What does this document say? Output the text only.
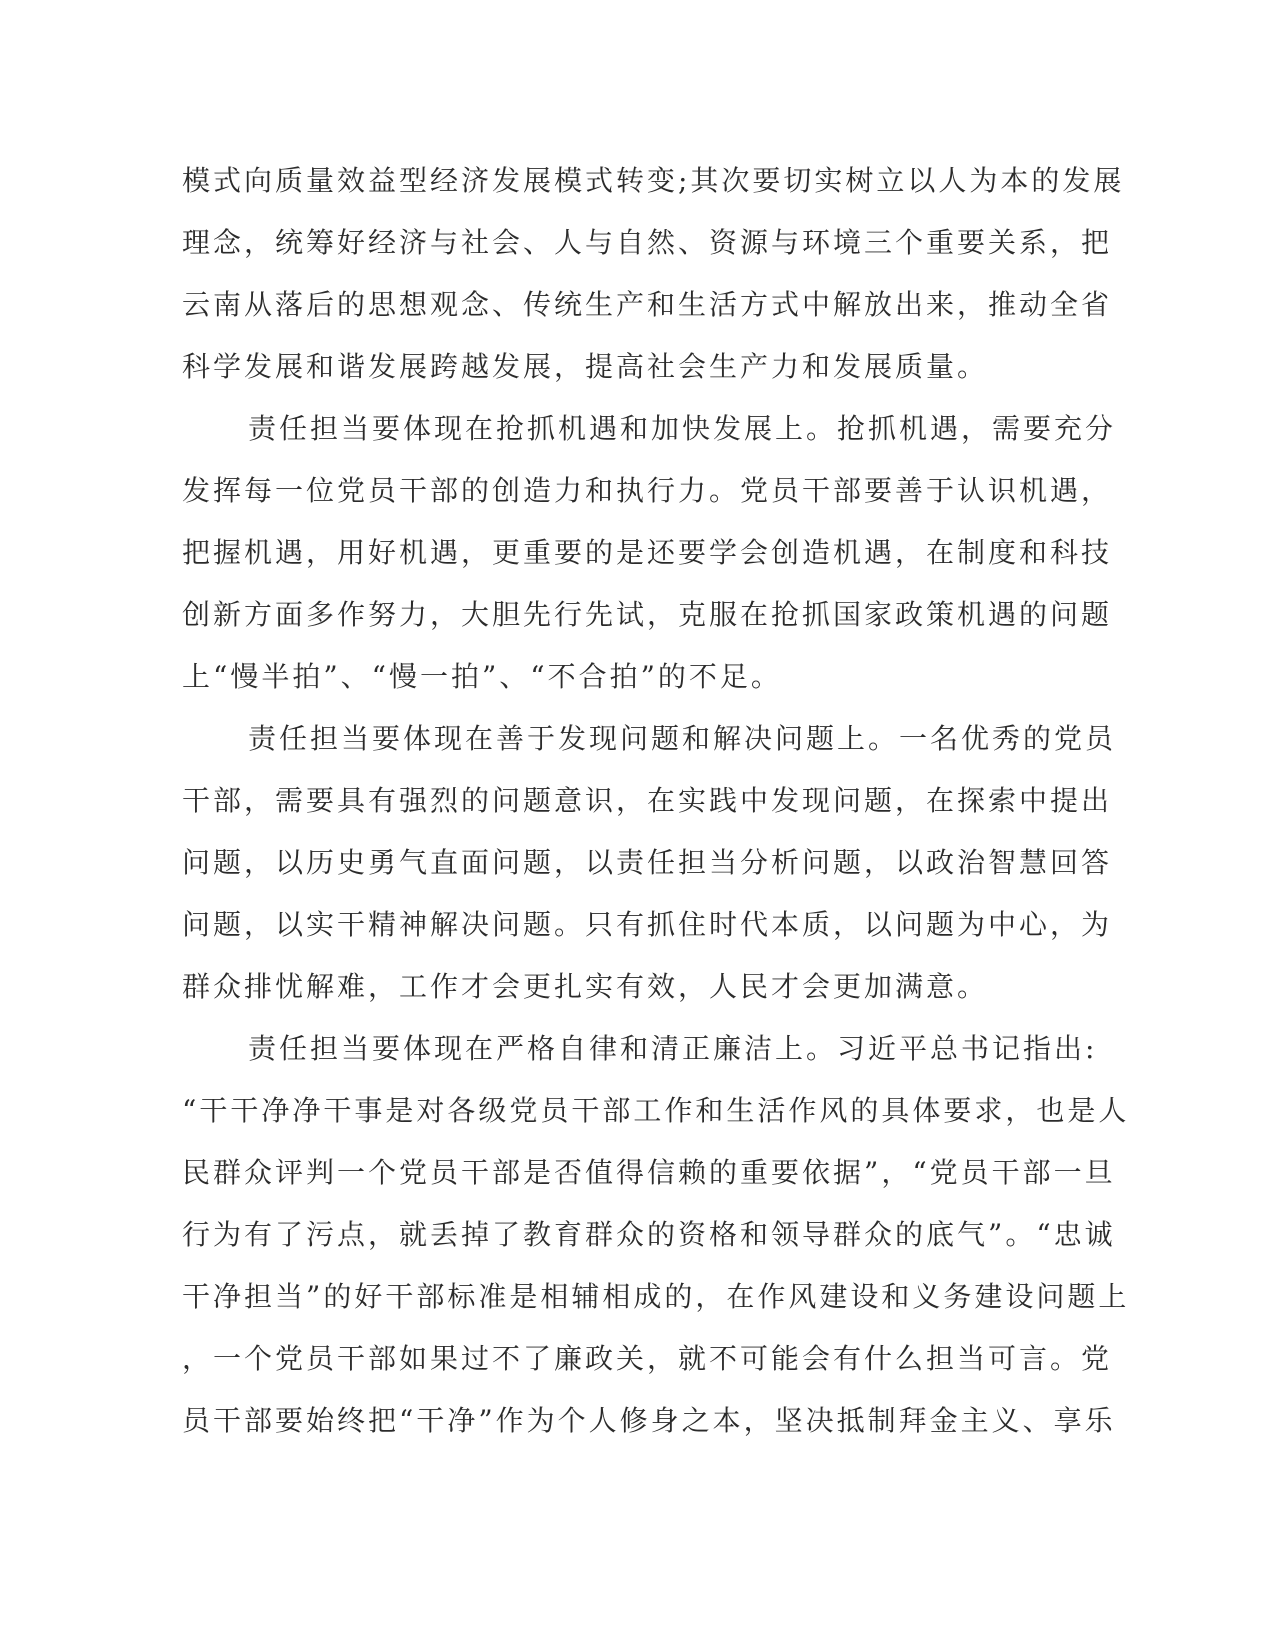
模式向质量效益型经济发展模式转变;其次要切实树立以人为本的发展
理念，统筹好经济与社会、人与自然、资源与环境三个重要关系，把
云南从落后的思想观念、传统生产和生活方式中解放出来，推动全省
科学发展和谐发展跨越发展，提高社会生产力和发展质量。
责任担当要体现在抢抓机遇和加快发展上。抢抓机遇，需要充分
发挥每一位党员干部的创造力和执行力。党员干部要善于认识机遇，
把握机遇，用好机遇，更重要的是还要学会创造机遇，在制度和科技
创新方面多作努力，大胆先行先试，克服在抢抓国家政策机遇的问题
上“慢半拍”、“慢一拍”、“不合拍”的不足。
责任担当要体现在善于发现问题和解决问题上。一名优秀的党员
干部，需要具有强烈的问题意识，在实践中发现问题，在探索中提出
问题，以历史勇气直面问题，以责任担当分析问题，以政治智慧回答
问题，以实干精神解决问题。只有抓住时代本质，以问题为中心，为
群众排忧解难，工作才会更扎实有效，人民才会更加满意。
责任担当要体现在严格自律和清正廉洁上。习近平总书记指出:
“干干净净干事是对各级党员干部工作和生活作风的具体要求，也是人
民群众评判一个党员干部是否值得信赖的重要依据”，“党员干部一旦
行为有了污点，就丢掉了教育群众的资格和领导群众的底气”。“忠诚
干净担当”的好干部标准是相辅相成的，在作风建设和义务建设问题上
，一个党员干部如果过不了廉政关，就不可能会有什么担当可言。党
员干部要始终把“干净”作为个人修身之本，坚决抵制拜金主义、享乐
